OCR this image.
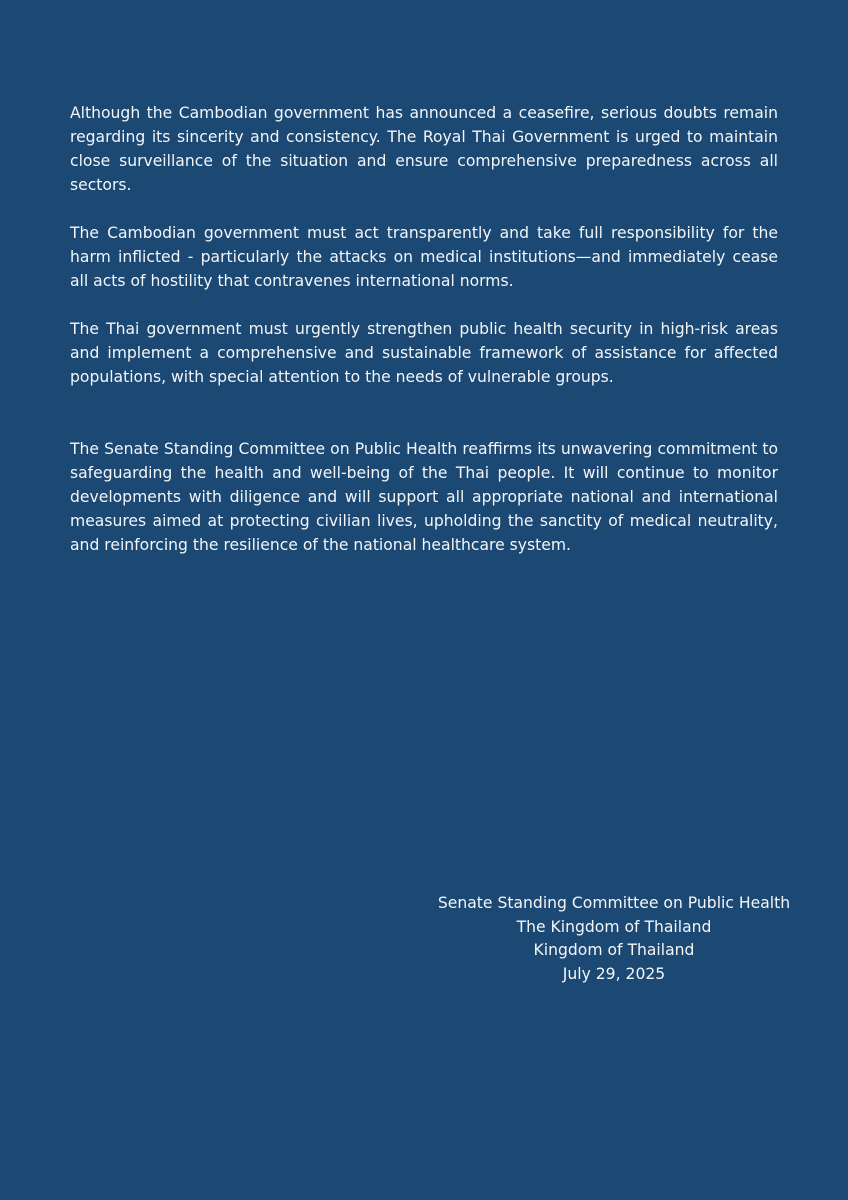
Although the Cambodian government has announced a ceasefire, serious doubts remain regarding its sincerity and consistency. The Royal Thai Government is urged to maintain close surveillance of the situation and ensure comprehensive preparedness across all sectors.

The Cambodian government must act transparently and take full responsibility for the harm inflicted - particularly the attacks on medical institutions—and immediately cease all acts of hostility that contravenes international norms.

The Thai government must urgently strengthen public health security in high-risk areas and implement a comprehensive and sustainable framework of assistance for affected populations, with special attention to the needs of vulnerable groups.

The Senate Standing Committee on Public Health reaffirms its unwavering commitment to safeguarding the health and well-being of the Thai people. It will continue to monitor developments with diligence and will support all appropriate national and international measures aimed at protecting civilian lives, upholding the sanctity of medical neutrality, and reinforcing the resilience of the national healthcare system.

Senate Standing Committee on Public Health
The Kingdom of Thailand
Kingdom of Thailand
July 29, 2025
